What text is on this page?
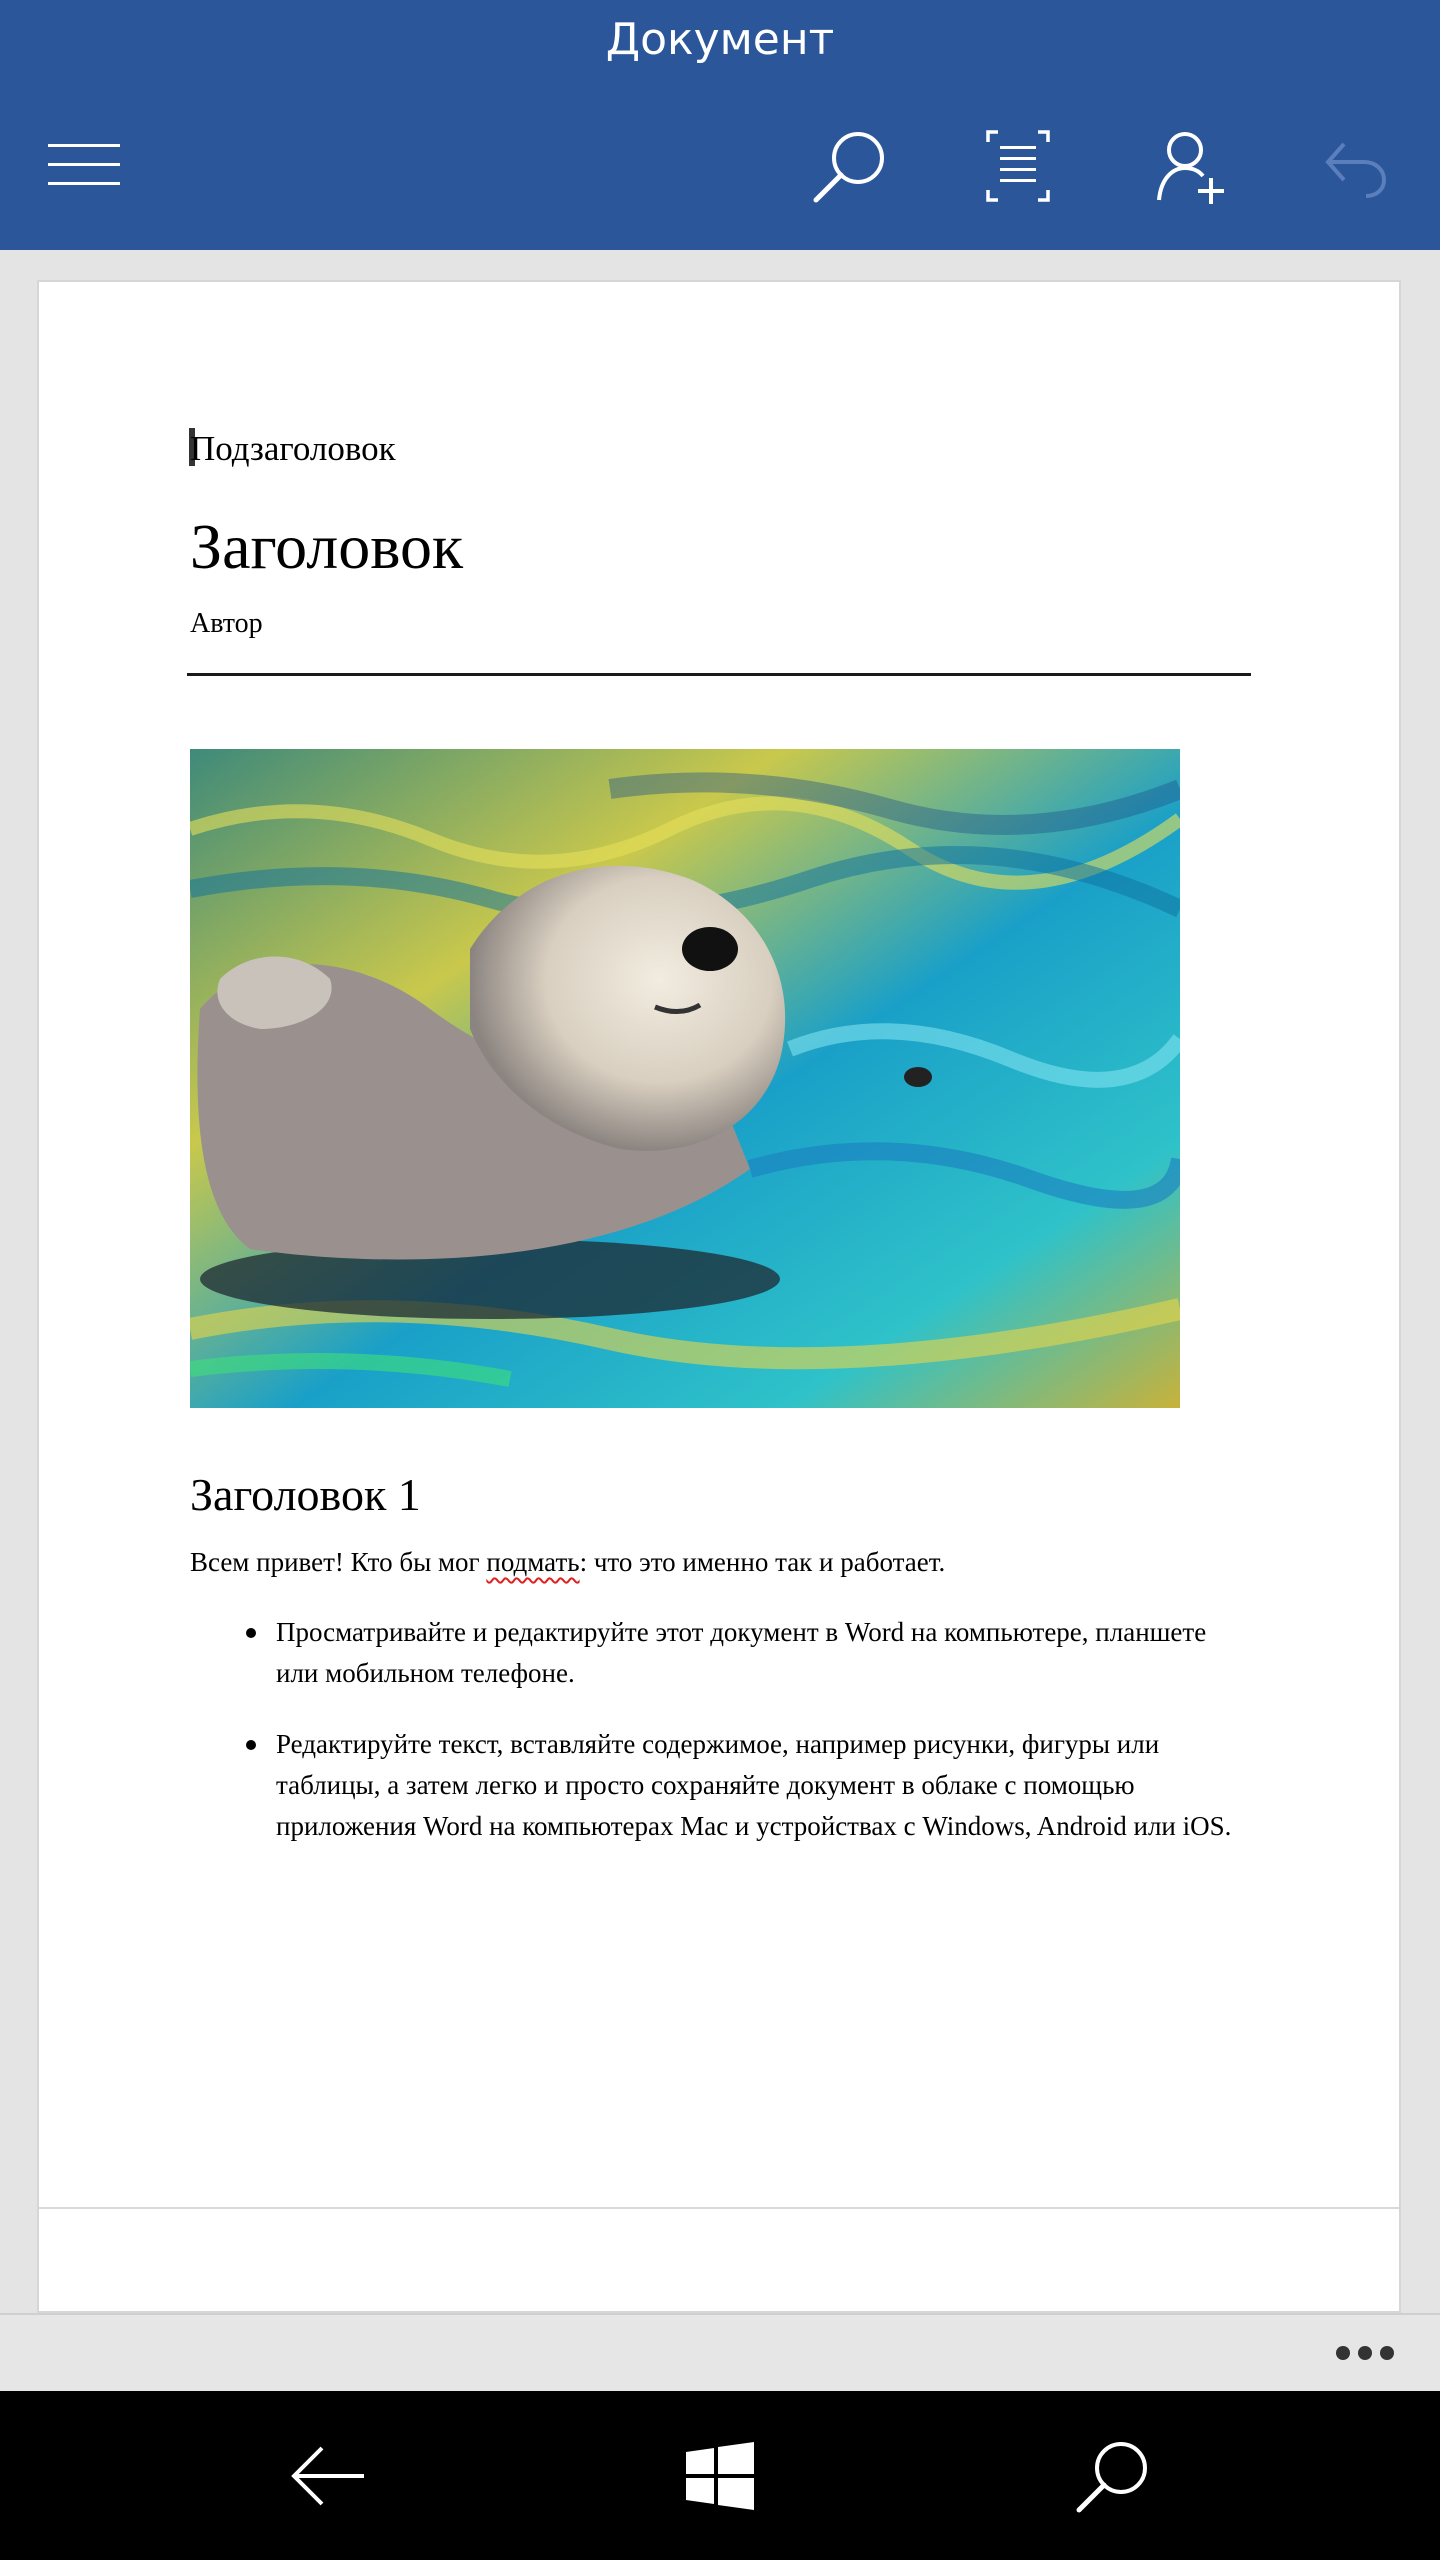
Документ
Подзаголовок
Заголовок
Автор
Заголовок 1
Всем привет! Кто бы мог подмать: что это именно так и работает.
Просматривайте и редактируйте этот документ в Word на компьютере, планшете или мобильном телефоне.
Редактируйте текст, вставляйте содержимое, например рисунки, фигуры или таблицы, а затем легко и просто сохраняйте документ в облаке с помощью приложения Word на компьютерах Mac и устройствах с Windows, Android или iOS.
